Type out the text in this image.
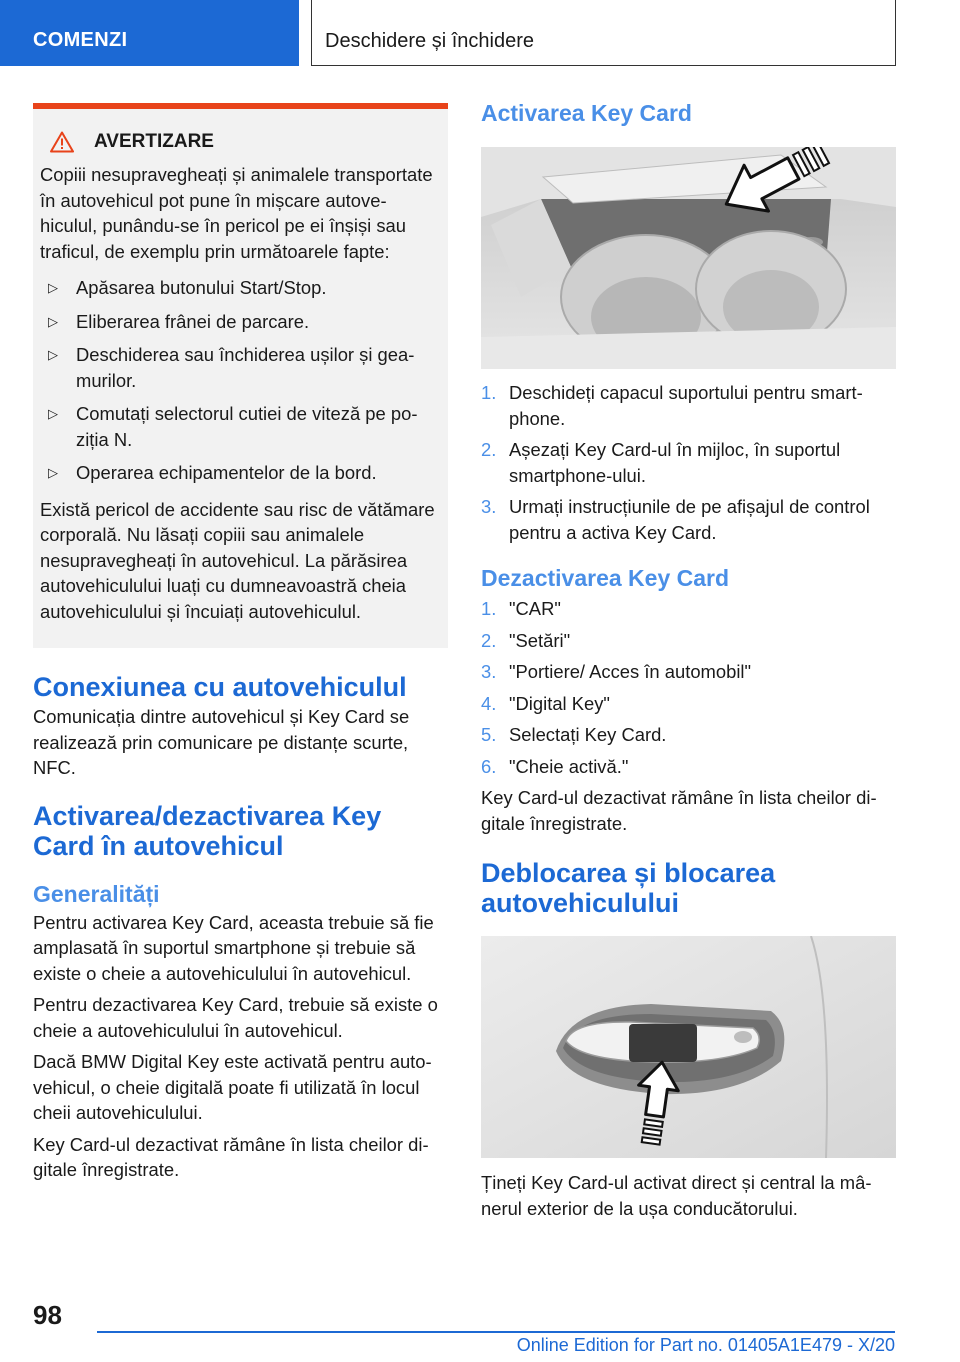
COMENZI	Deschidere și închidere
AVERTIZARE

Copiii nesupravegheați și animalele transportate în autovehicul pot pune în mișcare autovehiculul, punându-se în pericol pe ei înșiși sau traficul, de exemplu prin următoarele fapte:

▷ Apăsarea butonului Start/Stop.
▷ Eliberarea frânei de parcare.
▷ Deschiderea sau închiderea ușilor și geamurilor.
▷ Comutați selectorul cutiei de viteză pe poziția N.
▷ Operarea echipamentelor de la bord.

Există pericol de accidente sau risc de vătămare corporală. Nu lăsați copiii sau animalele nesupravegheați în autovehicul. La părăsirea autovehiculului luați cu dumneavoastră cheia autovehiculului și încuiați autovehiculul.

Conexiunea cu autovehiculul

Comunicația dintre autovehicul și Key Card se realizează prin comunicare pe distanțe scurte, NFC.

Activarea/dezactivarea Key Card în autovehicul
Generalități

Pentru activarea Key Card, aceasta trebuie să fie amplasată în suportul smartphone și trebuie să existe o cheie a autovehiculului în autovehicul.

Pentru dezactivarea Key Card, trebuie să existe o cheie a autovehiculului în autovehicul.

Dacă BMW Digital Key este activată pentru autovehicul, o cheie digitală poate fi utilizată în locul cheii autovehiculului.

Key Card-ul dezactivat rămâne în lista cheilor digitale înregistrate.

Activarea Key Card
1. Deschideți capacul suportului pentru smartphone.
2. Așezați Key Card-ul în mijloc, în suportul smartphone-ului.
3. Urmați instrucțiunile de pe afișajul de control pentru a activa Key Card.
Dezactivarea Key Card
1. "CAR"
2. "Setări"
3. "Portiere/ Acces în automobil"
4. "Digital Key"
5. Selectați Key Card.
6. "Cheie activă."

Key Card-ul dezactivat rămâne în lista cheilor digitale înregistrate.

Deblocarea și blocarea autovehiculului

Țineți Key Card-ul activat direct și central la mânerul exterior de la ușa conducătorului.

98
Online Edition for Part no. 01405A1E479 - X/20
